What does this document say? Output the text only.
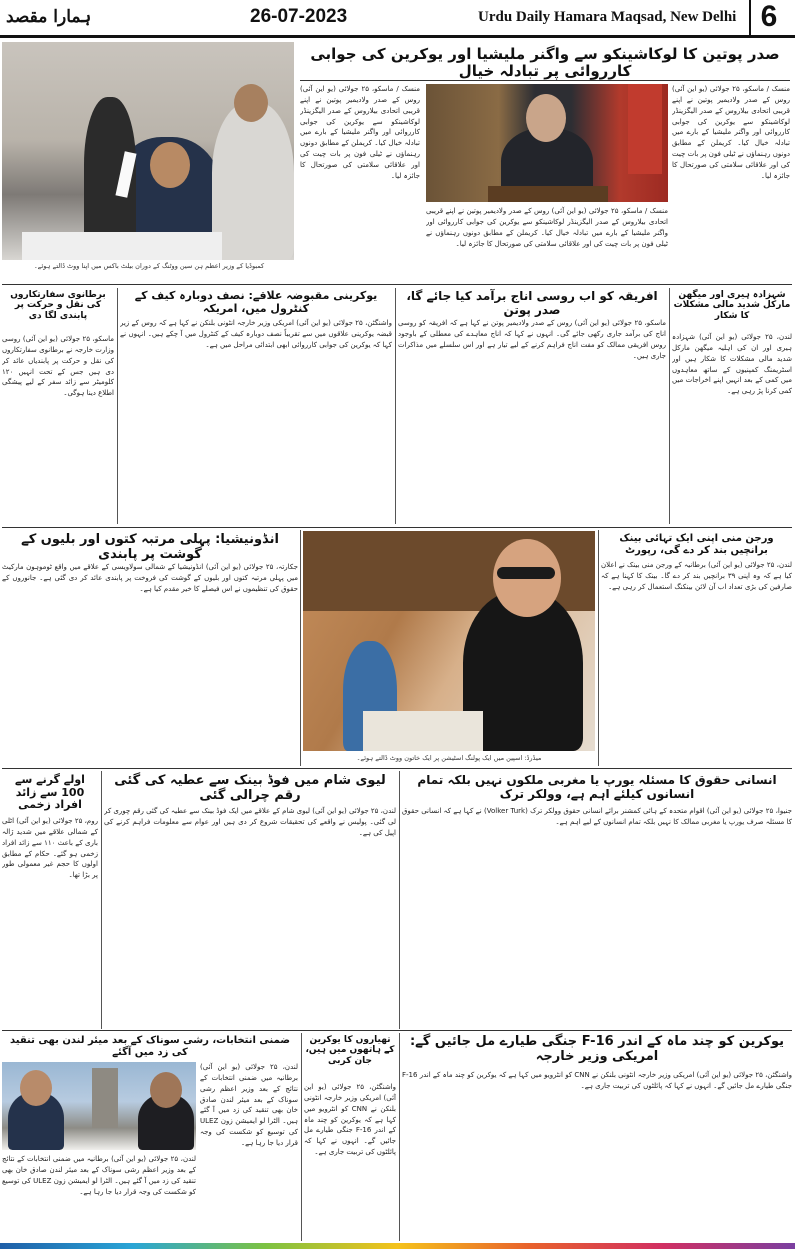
ہمارا مقصد	26-07-2023	Urdu Daily Hamara Maqsad, New Delhi 6
کمبوڈیا کے وزیر اعظم ہن سین ووٹنگ کے دوران بیلٹ باکس میں اپنا ووٹ ڈالتے ہوئے۔
صدر پوتین کا لوکاشینکو سے واگنر ملیشیا اور یوکرین کی جوابی کارروائی پر تبادلہ خیال
منسک / ماسکو، ۲۵ جولائی (یو این آئی) روس کے صدر ولادیمیر پوتین نے اپنے قریبی اتحادی بیلاروس کے صدر الیگزینڈر لوکاشینکو سے یوکرین کی جوابی کارروائی اور واگنر ملیشیا کے بارے میں تبادلہ خیال کیا۔ کریملن کے مطابق دونوں رہنماؤں نے ٹیلی فون پر بات چیت کی اور علاقائی سلامتی کی صورتحال کا جائزہ لیا۔
منسک / ماسکو، ۲۵ جولائی (یو این آئی) روس کے صدر ولادیمیر پوتین نے اپنے قریبی اتحادی بیلاروس کے صدر الیگزینڈر لوکاشینکو سے یوکرین کی جوابی کارروائی اور واگنر ملیشیا کے بارے میں تبادلہ خیال کیا۔ کریملن کے مطابق دونوں رہنماؤں نے ٹیلی فون پر بات چیت کی اور علاقائی سلامتی کی صورتحال کا جائزہ لیا۔
منسک / ماسکو، ۲۵ جولائی (یو این آئی) روس کے صدر ولادیمیر پوتین نے اپنے قریبی اتحادی بیلاروس کے صدر الیگزینڈر لوکاشینکو سے یوکرین کی جوابی کارروائی اور واگنر ملیشیا کے بارے میں تبادلہ خیال کیا۔ کریملن کے مطابق دونوں رہنماؤں نے ٹیلی فون پر بات چیت کی اور علاقائی سلامتی کی صورتحال کا جائزہ لیا۔
برطانوی سفارتکاروں کی نقل و حرکت پر پابندی لگا دی
ماسکو، ۲۵ جولائی (یو این آئی) روسی وزارت خارجہ نے برطانوی سفارتکاروں کی نقل و حرکت پر پابندیاں عائد کر دی ہیں جس کے تحت انہیں ۱۲۰ کلومیٹر سے زائد سفر کے لیے پیشگی اطلاع دینا ہوگی۔
یوکرینی مقبوضہ علاقے: نصف دوبارہ کیف کے کنٹرول میں، امریکہ
واشنگٹن، ۲۵ جولائی (یو این آئی) امریکی وزیر خارجہ انٹونی بلنکن نے کہا ہے کہ روس کے زیر قبضہ یوکرینی علاقوں میں سے تقریباً نصف دوبارہ کیف کے کنٹرول میں آ چکے ہیں۔ انہوں نے کہا کہ یوکرین کی جوابی کارروائی ابھی ابتدائی مراحل میں ہے۔
افریقہ کو اب روسی اناج برآمد کیا جائے گا، صدر پوتن
ماسکو، ۲۵ جولائی (یو این آئی) روس کے صدر ولادیمیر پوتن نے کہا ہے کہ افریقہ کو روسی اناج کی برآمد جاری رکھی جائے گی۔ انہوں نے کہا کہ اناج معاہدے کی معطلی کے باوجود روس افریقی ممالک کو مفت اناج فراہم کرنے کے لیے تیار ہے اور اس سلسلے میں مذاکرات جاری ہیں۔
شہزادہ ہیری اور میگھن مارکل شدید مالی مشکلات کا شکار
لندن، ۲۵ جولائی (یو این آئی) شہزادہ ہیری اور ان کی اہلیہ میگھن مارکل شدید مالی مشکلات کا شکار ہیں اور اسٹریمنگ کمپنیوں کے ساتھ معاہدوں میں کمی کے بعد انہیں اپنے اخراجات میں کمی کرنا پڑ رہی ہے۔
انڈونیشیا: پہلی مرتبہ کتوں اور بلیوں کے گوشت پر پابندی
جکارتہ، ۲۵ جولائی (یو این آئی) انڈونیشیا کے شمالی سولاویسی کے علاقے میں واقع ٹوموہون مارکیٹ میں پہلی مرتبہ کتوں اور بلیوں کے گوشت کی فروخت پر پابندی عائد کر دی گئی ہے۔ جانوروں کے حقوق کی تنظیموں نے اس فیصلے کا خیر مقدم کیا ہے۔
میڈرڈ: اسپین میں ایک پولنگ اسٹیشن پر ایک خاتون ووٹ ڈالتے ہوئے۔
ورجن منی اپنی ایک تہائی بینک برانچیں بند کر دے گی، رپورٹ
لندن، ۲۵ جولائی (یو این آئی) برطانیہ کے ورجن منی بینک نے اعلان کیا ہے کہ وہ اپنی ۳۹ برانچیں بند کر دے گا۔ بینک کا کہنا ہے کہ صارفین کی بڑی تعداد اب آن لائن بینکنگ استعمال کر رہی ہے۔
اولے گرنے سے 100 سے زائد افراد زخمی
روم، ۲۵ جولائی (یو این آئی) اٹلی کے شمالی علاقے میں شدید ژالہ باری کے باعث ۱۱۰ سے زائد افراد زخمی ہو گئے۔ حکام کے مطابق اولوں کا حجم غیر معمولی طور پر بڑا تھا۔
لیوی شام میں فوڈ بینک سے عطیہ کی گئی رقم چرالی گئی
لندن، ۲۵ جولائی (یو این آئی) لیوی شام کے علاقے میں ایک فوڈ بینک سے عطیہ کی گئی رقم چوری کر لی گئی۔ پولیس نے واقعے کی تحقیقات شروع کر دی ہیں اور عوام سے معلومات فراہم کرنے کی اپیل کی ہے۔
انسانی حقوق کا مسئلہ یورپ یا مغربی ملکوں نہیں بلکہ تمام انسانوں کیلئے اہم ہے، وولکر ترک
جنیوا، ۲۵ جولائی (یو این آئی) اقوام متحدہ کے ہائی کمشنر برائے انسانی حقوق وولکر ترک (Volker Turk) نے کہا ہے کہ انسانی حقوق کا مسئلہ صرف یورپ یا مغربی ممالک کا نہیں بلکہ تمام انسانوں کے لیے اہم ہے۔
ضمنی انتخابات، رشی سوناک کے بعد میئر لندن بھی تنقید کی زد میں آگئے
لندن، ۲۵ جولائی (یو این آئی) برطانیہ میں ضمنی انتخابات کے نتائج کے بعد وزیر اعظم رشی سوناک کے بعد میئر لندن صادق خان بھی تنقید کی زد میں آ گئے ہیں۔ الٹرا لو ایمیشن زون ULEZ کی توسیع کو شکست کی وجہ قرار دیا جا رہا ہے۔
لندن، ۲۵ جولائی (یو این آئی) برطانیہ میں ضمنی انتخابات کے نتائج کے بعد وزیر اعظم رشی سوناک کے بعد میئر لندن صادق خان بھی تنقید کی زد میں آ گئے ہیں۔ الٹرا لو ایمیشن زون ULEZ کی توسیع کو شکست کی وجہ قرار دیا جا رہا ہے۔
تھیاروں کا یوکرین کے ہاتھوں میں ہیں، جان کربی
واشنگٹن، ۲۵ جولائی (یو این آئی) امریکی وزیر خارجہ انٹونی بلنکن نے CNN کو انٹرویو میں کہا ہے کہ یوکرین کو چند ماہ کے اندر F-16 جنگی طیارے مل جائیں گے۔ انہوں نے کہا کہ پائلٹوں کی تربیت جاری ہے۔
یوکرین کو چند ماہ کے اندر F-16 جنگی طیارے مل جائیں گے: امریکی وزیر خارجہ
واشنگٹن، ۲۵ جولائی (یو این آئی) امریکی وزیر خارجہ انٹونی بلنکن نے CNN کو انٹرویو میں کہا ہے کہ یوکرین کو چند ماہ کے اندر F-16 جنگی طیارے مل جائیں گے۔ انہوں نے کہا کہ پائلٹوں کی تربیت جاری ہے۔
